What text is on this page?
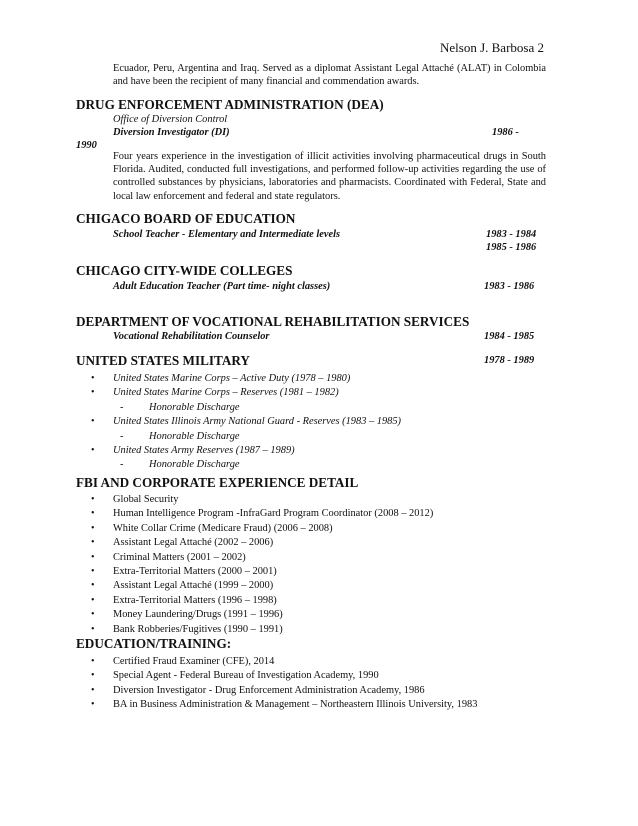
Nelson J. Barbosa 2
Ecuador, Peru, Argentina and Iraq. Served as a diplomat Assistant Legal Attaché (ALAT) in Colombia and have been the recipient of many financial and commendation awards.
DRUG ENFORCEMENT ADMINISTRATION (DEA)
Office of Diversion Control
Diversion Investigator (DI)	1986 -
1990
Four years experience in the investigation of illicit activities involving pharmaceutical drugs in South Florida. Audited, conducted full investigations, and performed follow-up activities regarding the use of controlled substances by physicians, laboratories and pharmacists. Coordinated with Federal, State and local law enforcement and federal and state regulators.
CHIGACO BOARD OF EDUCATION
School Teacher - Elementary and Intermediate levels	1983 - 1984
1985 - 1986
CHICAGO CITY-WIDE COLLEGES
Adult Education Teacher (Part time- night classes)	1983 - 1986
DEPARTMENT OF VOCATIONAL REHABILITATION SERVICES
Vocational Rehabilitation Counselor	1984 - 1985
UNITED STATES MILITARY	1978 - 1989
• United States Marine Corps – Active Duty (1978 – 1980)
• United States Marine Corps – Reserves (1981 – 1982)
- Honorable Discharge
• United States Illinois Army National Guard - Reserves (1983 – 1985)
- Honorable Discharge
• United States Army Reserves (1987 – 1989)
- Honorable Discharge
FBI AND CORPORATE EXPERIENCE DETAIL
• Global Security
• Human Intelligence Program -InfraGard Program Coordinator (2008 – 2012)
• White Collar Crime (Medicare Fraud) (2006 – 2008)
• Assistant Legal Attaché (2002 – 2006)
• Criminal Matters (2001 – 2002)
• Extra-Territorial Matters (2000 – 2001)
• Assistant Legal Attaché (1999 – 2000)
• Extra-Territorial Matters (1996 – 1998)
• Money Laundering/Drugs (1991 – 1996)
• Bank Robberies/Fugitives (1990 – 1991)
EDUCATION/TRAINING:
• Certified Fraud Examiner (CFE), 2014
• Special Agent - Federal Bureau of Investigation Academy, 1990
• Diversion Investigator - Drug Enforcement Administration Academy, 1986
• BA in Business Administration & Management – Northeastern Illinois University, 1983
